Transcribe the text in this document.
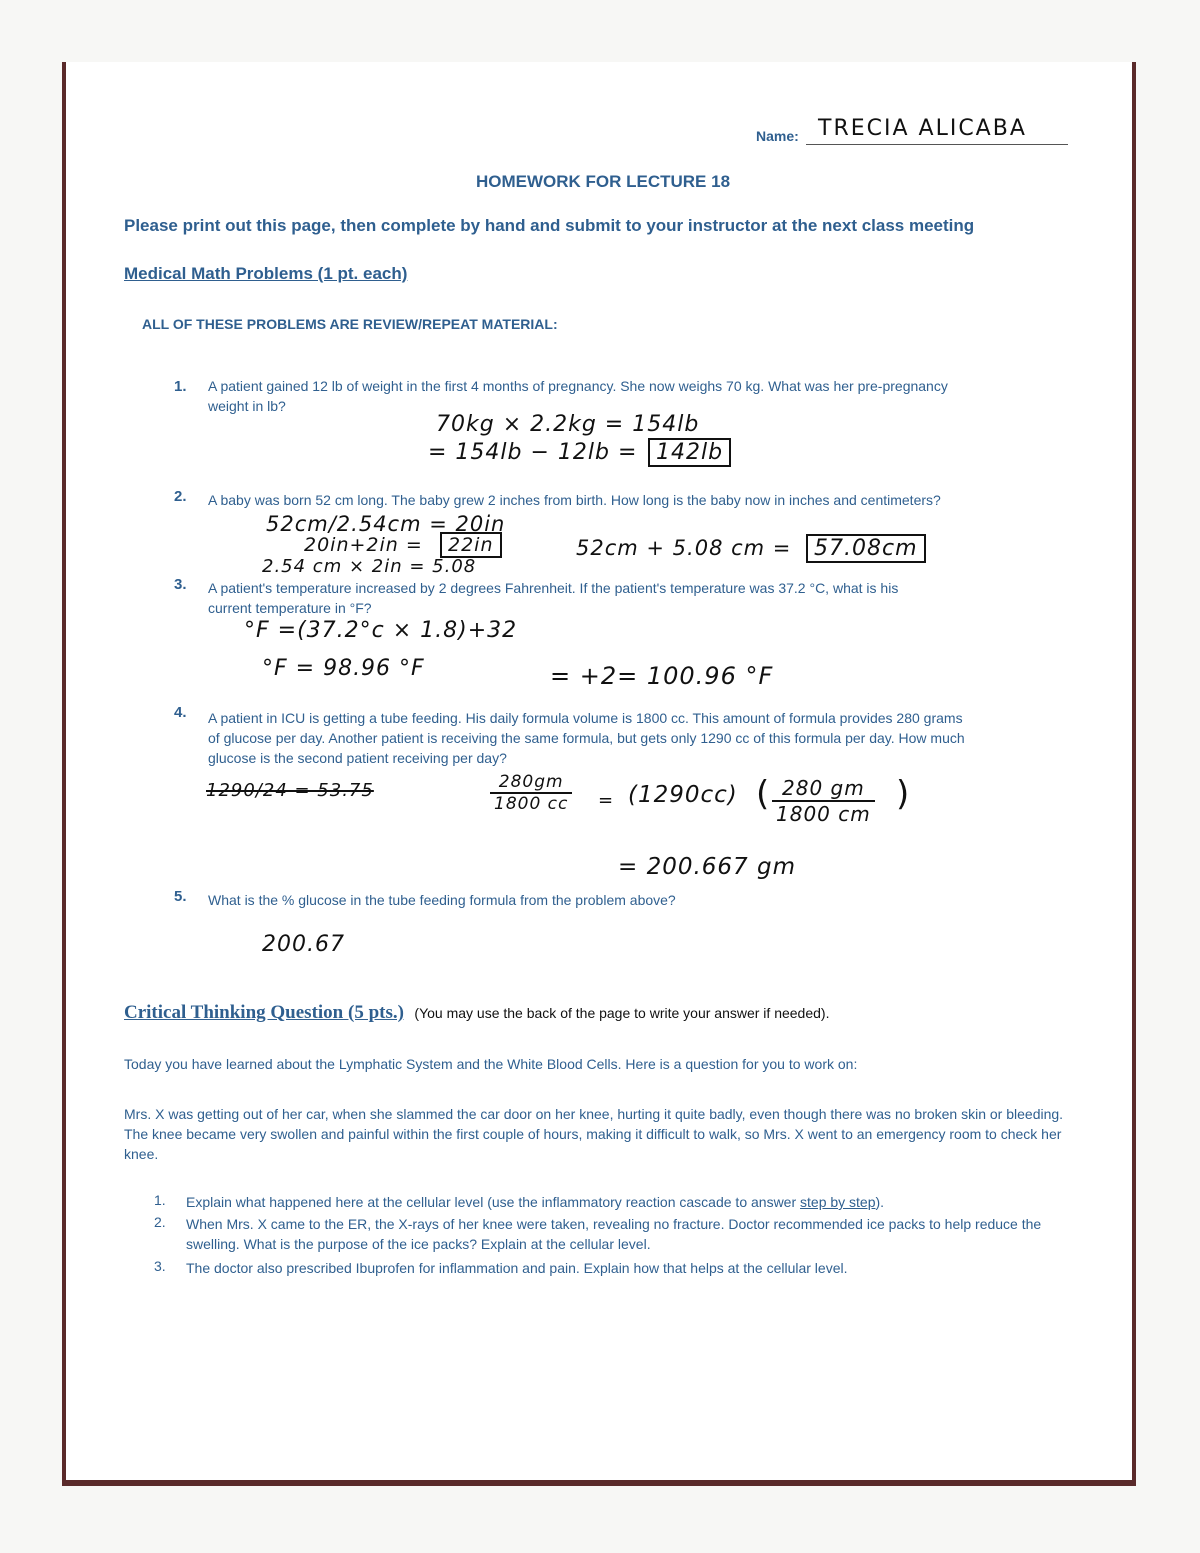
Name: TRECIA ALICABA
HOMEWORK FOR LECTURE 18
Please print out this page, then complete by hand and submit to your instructor at the next class meeting
Medical Math Problems (1 pt. each)
ALL OF THESE PROBLEMS ARE REVIEW/REPEAT MATERIAL:
1.	A patient gained 12 lb of weight in the first 4 months of pregnancy. She now weighs 70 kg. What was her pre-pregnancy weight in lb?
70kg × 2.2kg = 154lb
= 154lb − 12lb = 142lb
2.	A baby was born 52 cm long. The baby grew 2 inches from birth. How long is the baby now in inches and centimeters?
52cm/2.54cm = 20in
20in+2in =	22in
2.54 cm × 2in = 5.08
52cm + 5.08 cm =	57.08cm
3.	A patient's temperature increased by 2 degrees Fahrenheit. If the patient's temperature was 37.2 °C, what is his current temperature in °F?
°F =(37.2°c × 1.8)+32
°F = 98.96 °F	= +2= 100.96 °F
4.	A patient in ICU is getting a tube feeding. His daily formula volume is 1800 cc. This amount of formula provides 280 grams of glucose per day. Another patient is receiving the same formula, but gets only 1290 cc of this formula per day. How much glucose is the second patient receiving per day?
1290/24 = 53.75	$\frac{280gm}{1800 cc} = (1290cc)$ ( $\frac{280 gm}{1800 cm}$ )
= 200.667 gm
5.	What is the % glucose in the tube feeding formula from the problem above?
200.67
Critical Thinking Question (5 pts.) (You may use the back of the page to write your answer if needed).
Today you have learned about the Lymphatic System and the White Blood Cells. Here is a question for you to work on:
Mrs. X was getting out of her car, when she slammed the car door on her knee, hurting it quite badly, even though there was no broken skin or bleeding. The knee became very swollen and painful within the first couple of hours, making it difficult to walk, so Mrs. X went to an emergency room to check her knee.
1. Explain what happened here at the cellular level (use the inflammatory reaction cascade to answer step by step).
2. When Mrs. X came to the ER, the X-rays of her knee were taken, revealing no fracture. Doctor recommended ice packs to help reduce the swelling. What is the purpose of the ice packs? Explain at the cellular level.
3. The doctor also prescribed Ibuprofen for inflammation and pain. Explain how that helps at the cellular level.
